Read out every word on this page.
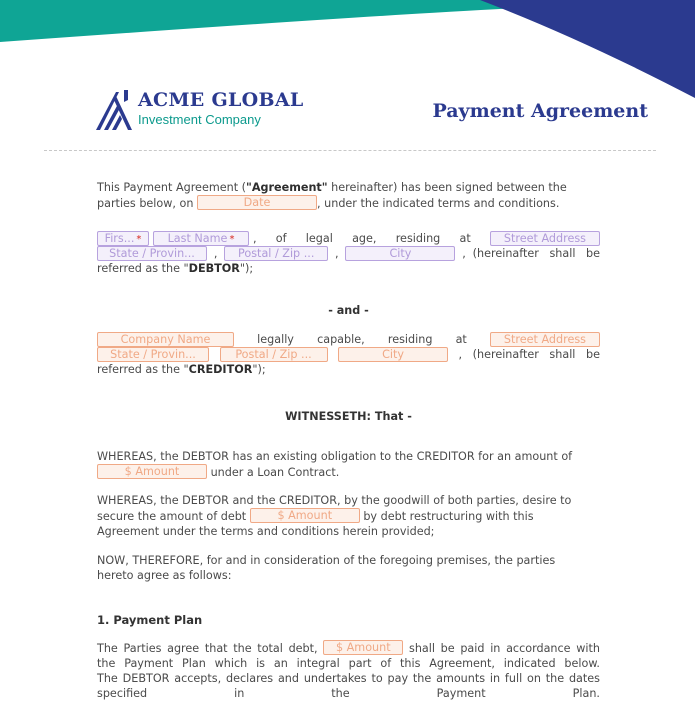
ACME GLOBAL
Investment Company	Payment Agreement
This Payment Agreement ("Agreement" hereinafter) has been signed between the
parties below, on	Date	, under the indicated terms and conditions.
Firs... *	Last Name *	, of legal age, residing at	Street Address
State / Provin...	,	Postal / Zip ...	,	City	, (hereinafter shall be
referred as the "DEBTOR");
- and -
Company Name	legally capable, residing at	Street Address
State / Provin...	Postal / Zip ...	City	, (hereinafter shall be
referred as the "CREDITOR");
WITNESSETH: That -
WHEREAS, the DEBTOR has an existing obligation to the CREDITOR for an amount of
$ Amount	under a Loan Contract.
WHEREAS, the DEBTOR and the CREDITOR, by the goodwill of both parties, desire to
secure the amount of debt	$ Amount	by debt restructuring with this
Agreement under the terms and conditions herein provided;
NOW, THEREFORE, for and in consideration of the foregoing premises, the parties
hereto agree as follows:
1. Payment Plan
The Parties agree that the total debt, $ Amount shall be paid in accordance with
the Payment Plan which is an integral part of this Agreement, indicated below.
The DEBTOR accepts, declares and undertakes to pay the amounts in full on the dates
specified in the Payment Plan.
